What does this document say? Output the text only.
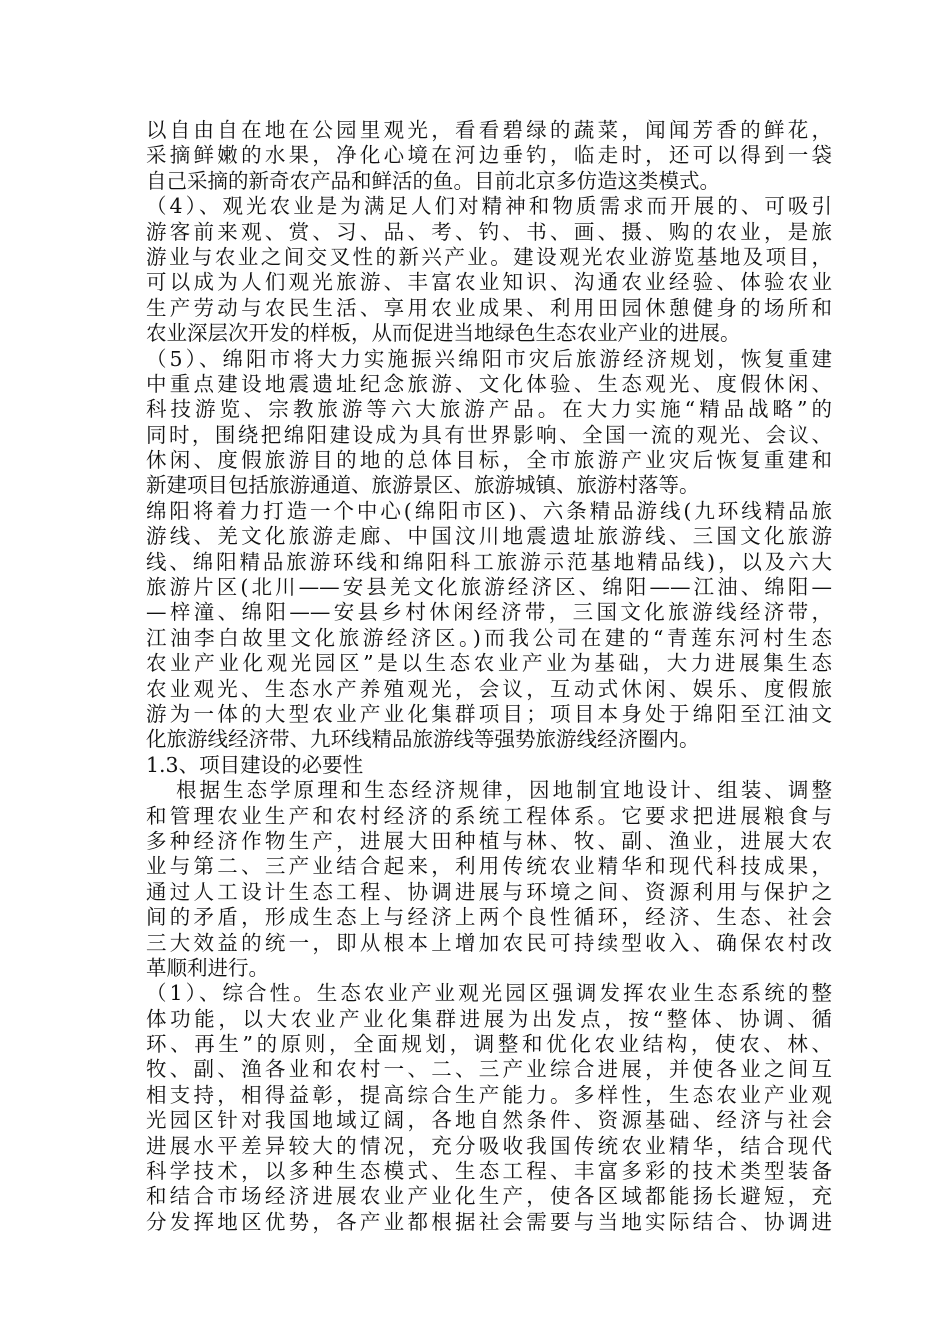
以自由自在地在公园里观光，看看碧绿的蔬菜，闻闻芳香的鲜花，
采摘鲜嫩的水果，净化心境在河边垂钓，临走时，还可以得到一袋
自己采摘的新奇农产品和鲜活的鱼。目前北京多仿造这类模式。
（4）、观光农业是为满足人们对精神和物质需求而开展的、可吸引
游客前来观、赏、习、品、考、钓、书、画、摄、购的农业，是旅
游业与农业之间交叉性的新兴产业。建设观光农业游览基地及项目，
可以成为人们观光旅游、丰富农业知识、沟通农业经验、体验农业
生产劳动与农民生活、享用农业成果、利用田园休憩健身的场所和
农业深层次开发的样板，从而促进当地绿色生态农业产业的进展。
（5）、绵阳市将大力实施振兴绵阳市灾后旅游经济规划，恢复重建
中重点建设地震遗址纪念旅游、文化体验、生态观光、度假休闲、
科技游览、宗教旅游等六大旅游产品。在大力实施“精品战略”的
同时，围绕把绵阳建设成为具有世界影响、全国一流的观光、会议、
休闲、度假旅游目的地的总体目标，全市旅游产业灾后恢复重建和
新建项目包括旅游通道、旅游景区、旅游城镇、旅游村落等。
绵阳将着力打造一个中心(绵阳市区)、六条精品游线(九环线精品旅
游线、羌文化旅游走廊、中国汶川地震遗址旅游线、三国文化旅游
线、绵阳精品旅游环线和绵阳科工旅游示范基地精品线)，以及六大
旅游片区(北川——安县羌文化旅游经济区、绵阳——江油、绵阳—
—梓潼、绵阳——安县乡村休闲经济带，三国文化旅游线经济带，
江油李白故里文化旅游经济区。)而我公司在建的“青莲东河村生态
农业产业化观光园区”是以生态农业产业为基础，大力进展集生态
农业观光、生态水产养殖观光，会议，互动式休闲、娱乐、度假旅
游为一体的大型农业产业化集群项目；项目本身处于绵阳至江油文
化旅游线经济带、九环线精品旅游线等强势旅游线经济圈内。
1.3、项目建设的必要性
根据生态学原理和生态经济规律，因地制宜地设计、组装、调整
和管理农业生产和农村经济的系统工程体系。它要求把进展粮食与
多种经济作物生产，进展大田种植与林、牧、副、渔业，进展大农
业与第二、三产业结合起来，利用传统农业精华和现代科技成果，
通过人工设计生态工程、协调进展与环境之间、资源利用与保护之
间的矛盾，形成生态上与经济上两个良性循环，经济、生态、社会
三大效益的统一，即从根本上增加农民可持续型收入、确保农村改
革顺利进行。
（1）、综合性。生态农业产业观光园区强调发挥农业生态系统的整
体功能，以大农业产业化集群进展为出发点，按“整体、协调、循
环、再生”的原则，全面规划，调整和优化农业结构，使农、林、
牧、副、渔各业和农村一、二、三产业综合进展，并使各业之间互
相支持，相得益彰，提高综合生产能力。多样性，生态农业产业观
光园区针对我国地域辽阔，各地自然条件、资源基础、经济与社会
进展水平差异较大的情况，充分吸收我国传统农业精华，结合现代
科学技术，以多种生态模式、生态工程、丰富多彩的技术类型装备
和结合市场经济进展农业产业化生产，使各区域都能扬长避短，充
分发挥地区优势，各产业都根据社会需要与当地实际结合、协调进
